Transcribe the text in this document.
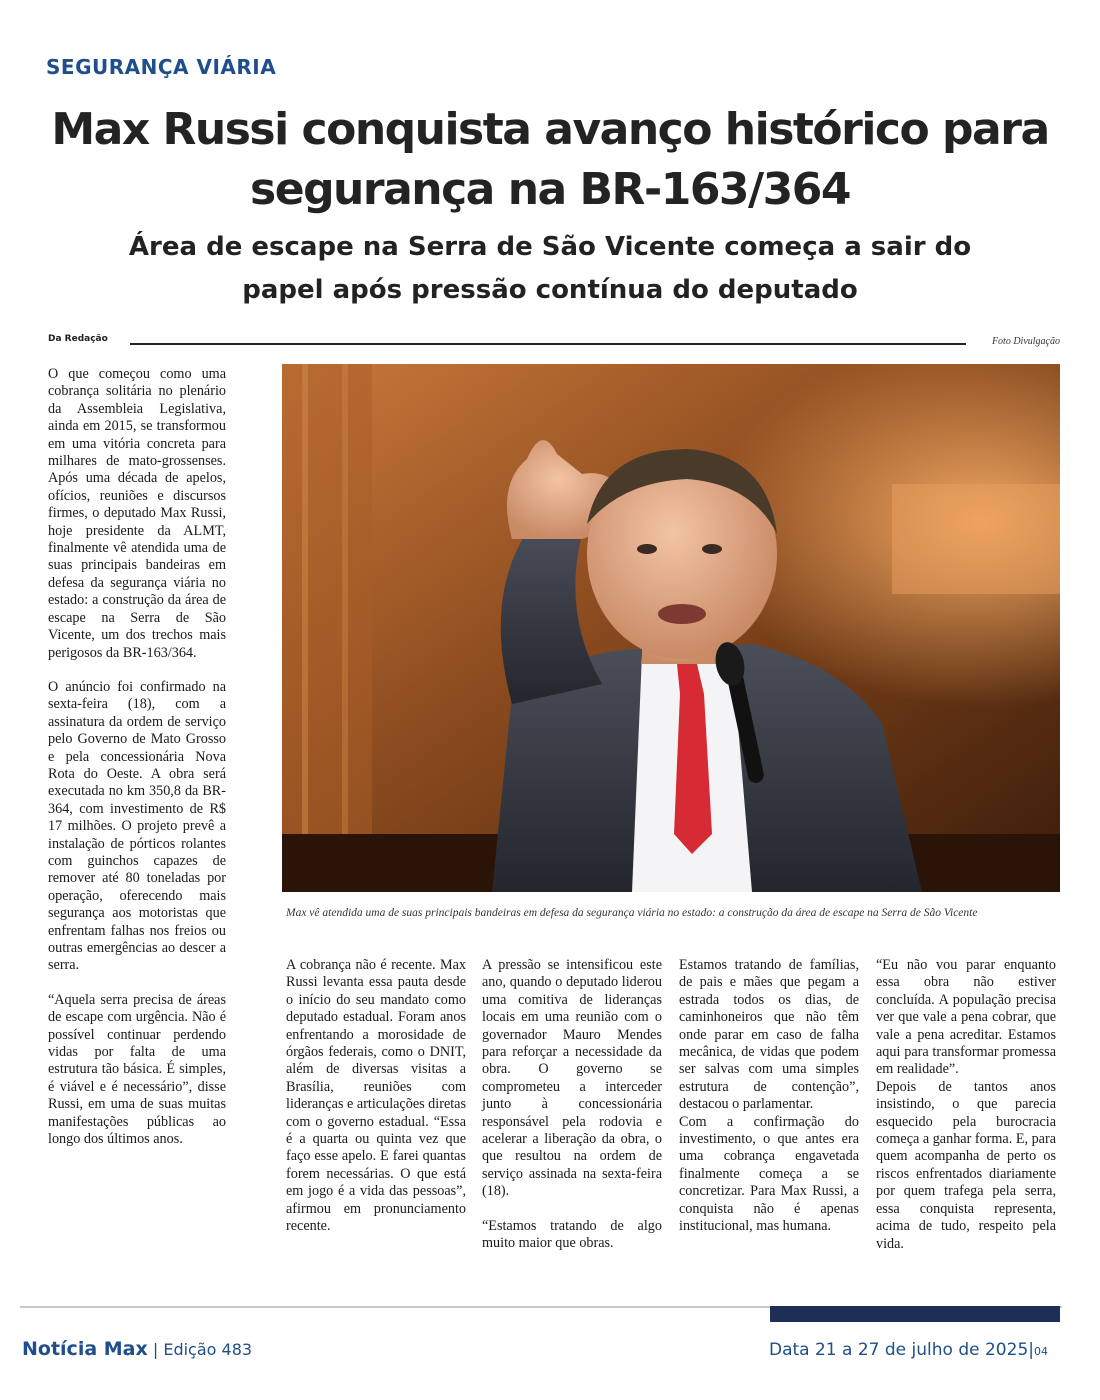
SEGURANÇA VIÁRIA
Max Russi conquista avanço histórico para
segurança na BR-163/364
Área de escape na Serra de São Vicente começa a sair do
papel após pressão contínua do deputado
Da Redação	Foto Divulgação
Max vê atendida uma de suas principais bandeiras em defesa da segurança viária no estado: a construção da área de escape na Serra de São Vicente

O que começou como uma cobrança solitária no plenário da Assembleia Legislativa, ainda em 2015, se transformou em uma vitória concreta para milhares de mato-grossenses. Após uma década de apelos, ofícios, reuniões e discursos firmes, o deputado Max Russi, hoje presidente da ALMT, finalmente vê atendida uma de suas principais bandeiras em defesa da segurança viária no estado: a construção da área de escape na Serra de São Vicente, um dos trechos mais perigosos da BR-163/364.

O anúncio foi confirmado na sexta-feira (18), com a assinatura da ordem de serviço pelo Governo de Mato Grosso e pela concessionária Nova Rota do Oeste. A obra será executada no km 350,8 da BR-364, com investimento de R$ 17 milhões. O projeto prevê a instalação de pórticos rolantes com guinchos capazes de remover até 80 toneladas por operação, oferecendo mais segurança aos motoristas que enfrentam falhas nos freios ou outras emergências ao descer a serra.

“Aquela serra precisa de áreas de escape com urgência. Não é possível continuar perdendo vidas por falta de uma estrutura tão básica. É simples, é viável e é necessário”, disse Russi, em uma de suas muitas manifestações públicas ao longo dos últimos anos.

A cobrança não é recente. Max Russi levanta essa pauta desde o início do seu mandato como deputado estadual. Foram anos enfrentando a morosidade de órgãos federais, como o DNIT, além de diversas visitas a Brasília, reuniões com lideranças e articulações diretas com o governo estadual. “Essa é a quarta ou quinta vez que faço esse apelo. E farei quantas forem necessárias. O que está em jogo é a vida das pessoas”, afirmou em pronunciamento recente.

A pressão se intensificou este ano, quando o deputado liderou uma comitiva de lideranças locais em uma reunião com o governador Mauro Mendes para reforçar a necessidade da obra. O governo se comprometeu a interceder junto à concessionária responsável pela rodovia e acelerar a liberação da obra, o que resultou na ordem de serviço assinada na sexta-feira (18).

“Estamos tratando de algo muito maior que obras.

Estamos tratando de famílias, de pais e mães que pegam a estrada todos os dias, de caminhoneiros que não têm onde parar em caso de falha mecânica, de vidas que podem ser salvas com uma simples estrutura de contenção”, destacou o parlamentar.

Com a confirmação do investimento, o que antes era uma cobrança engavetada finalmente começa a se concretizar. Para Max Russi, a conquista não é apenas institucional, mas humana.

“Eu não vou parar enquanto essa obra não estiver concluída. A população precisa ver que vale a pena cobrar, que vale a pena acreditar. Estamos aqui para transformar promessa em realidade”.

Depois de tantos anos insistindo, o que parecia esquecido pela burocracia começa a ganhar forma. E, para quem acompanha de perto os riscos enfrentados diariamente por quem trafega pela serra, essa conquista representa, acima de tudo, respeito pela vida.

Notícia Max | Edição 483	Data 21 a 27 de julho de 2025|04
